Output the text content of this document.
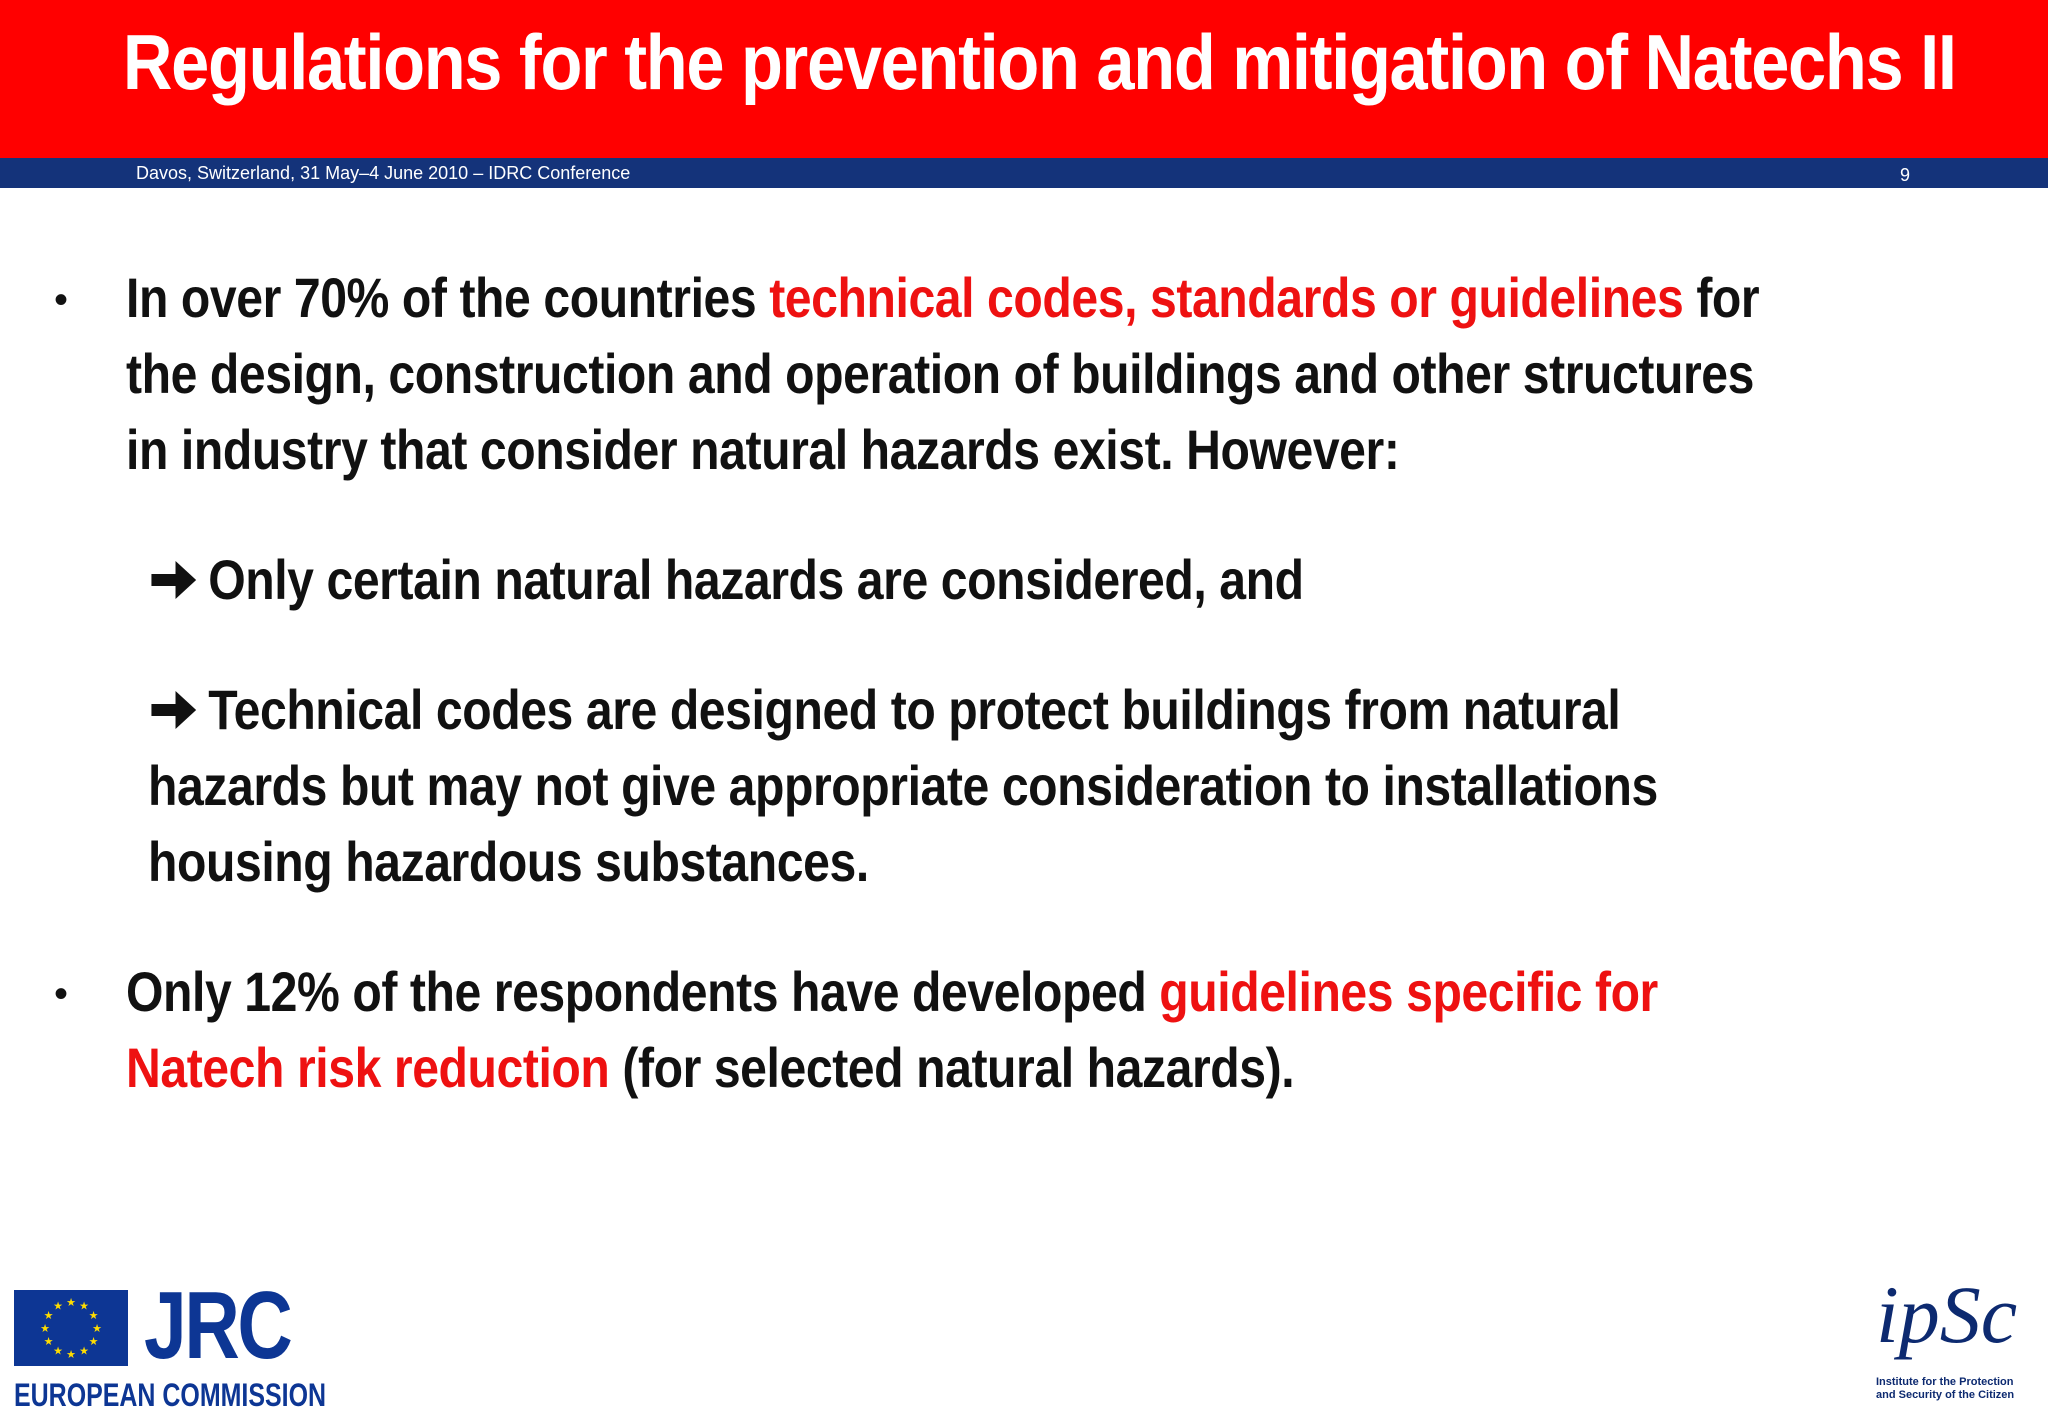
Regulations for the prevention and mitigation of Natechs II
Davos, Switzerland, 31 May–4 June 2010 – IDRC Conference	9
• In over 70% of the countries technical codes, standards or guidelines for
the design, construction and operation of buildings and other structures
in industry that consider natural hazards exist. However:
Only certain natural hazards are considered, and
Technical codes are designed to protect buildings from natural
hazards but may not give appropriate consideration to installations
housing hazardous substances.
• Only 12% of the respondents have developed guidelines specific for
Natech risk reduction (for selected natural hazards).
★ ★
★
★
★
★
★
★
★
★
★
★ JRC
EUROPEAN COMMISSION
ipSc
Institute for the Protection
and Security of the Citizen
